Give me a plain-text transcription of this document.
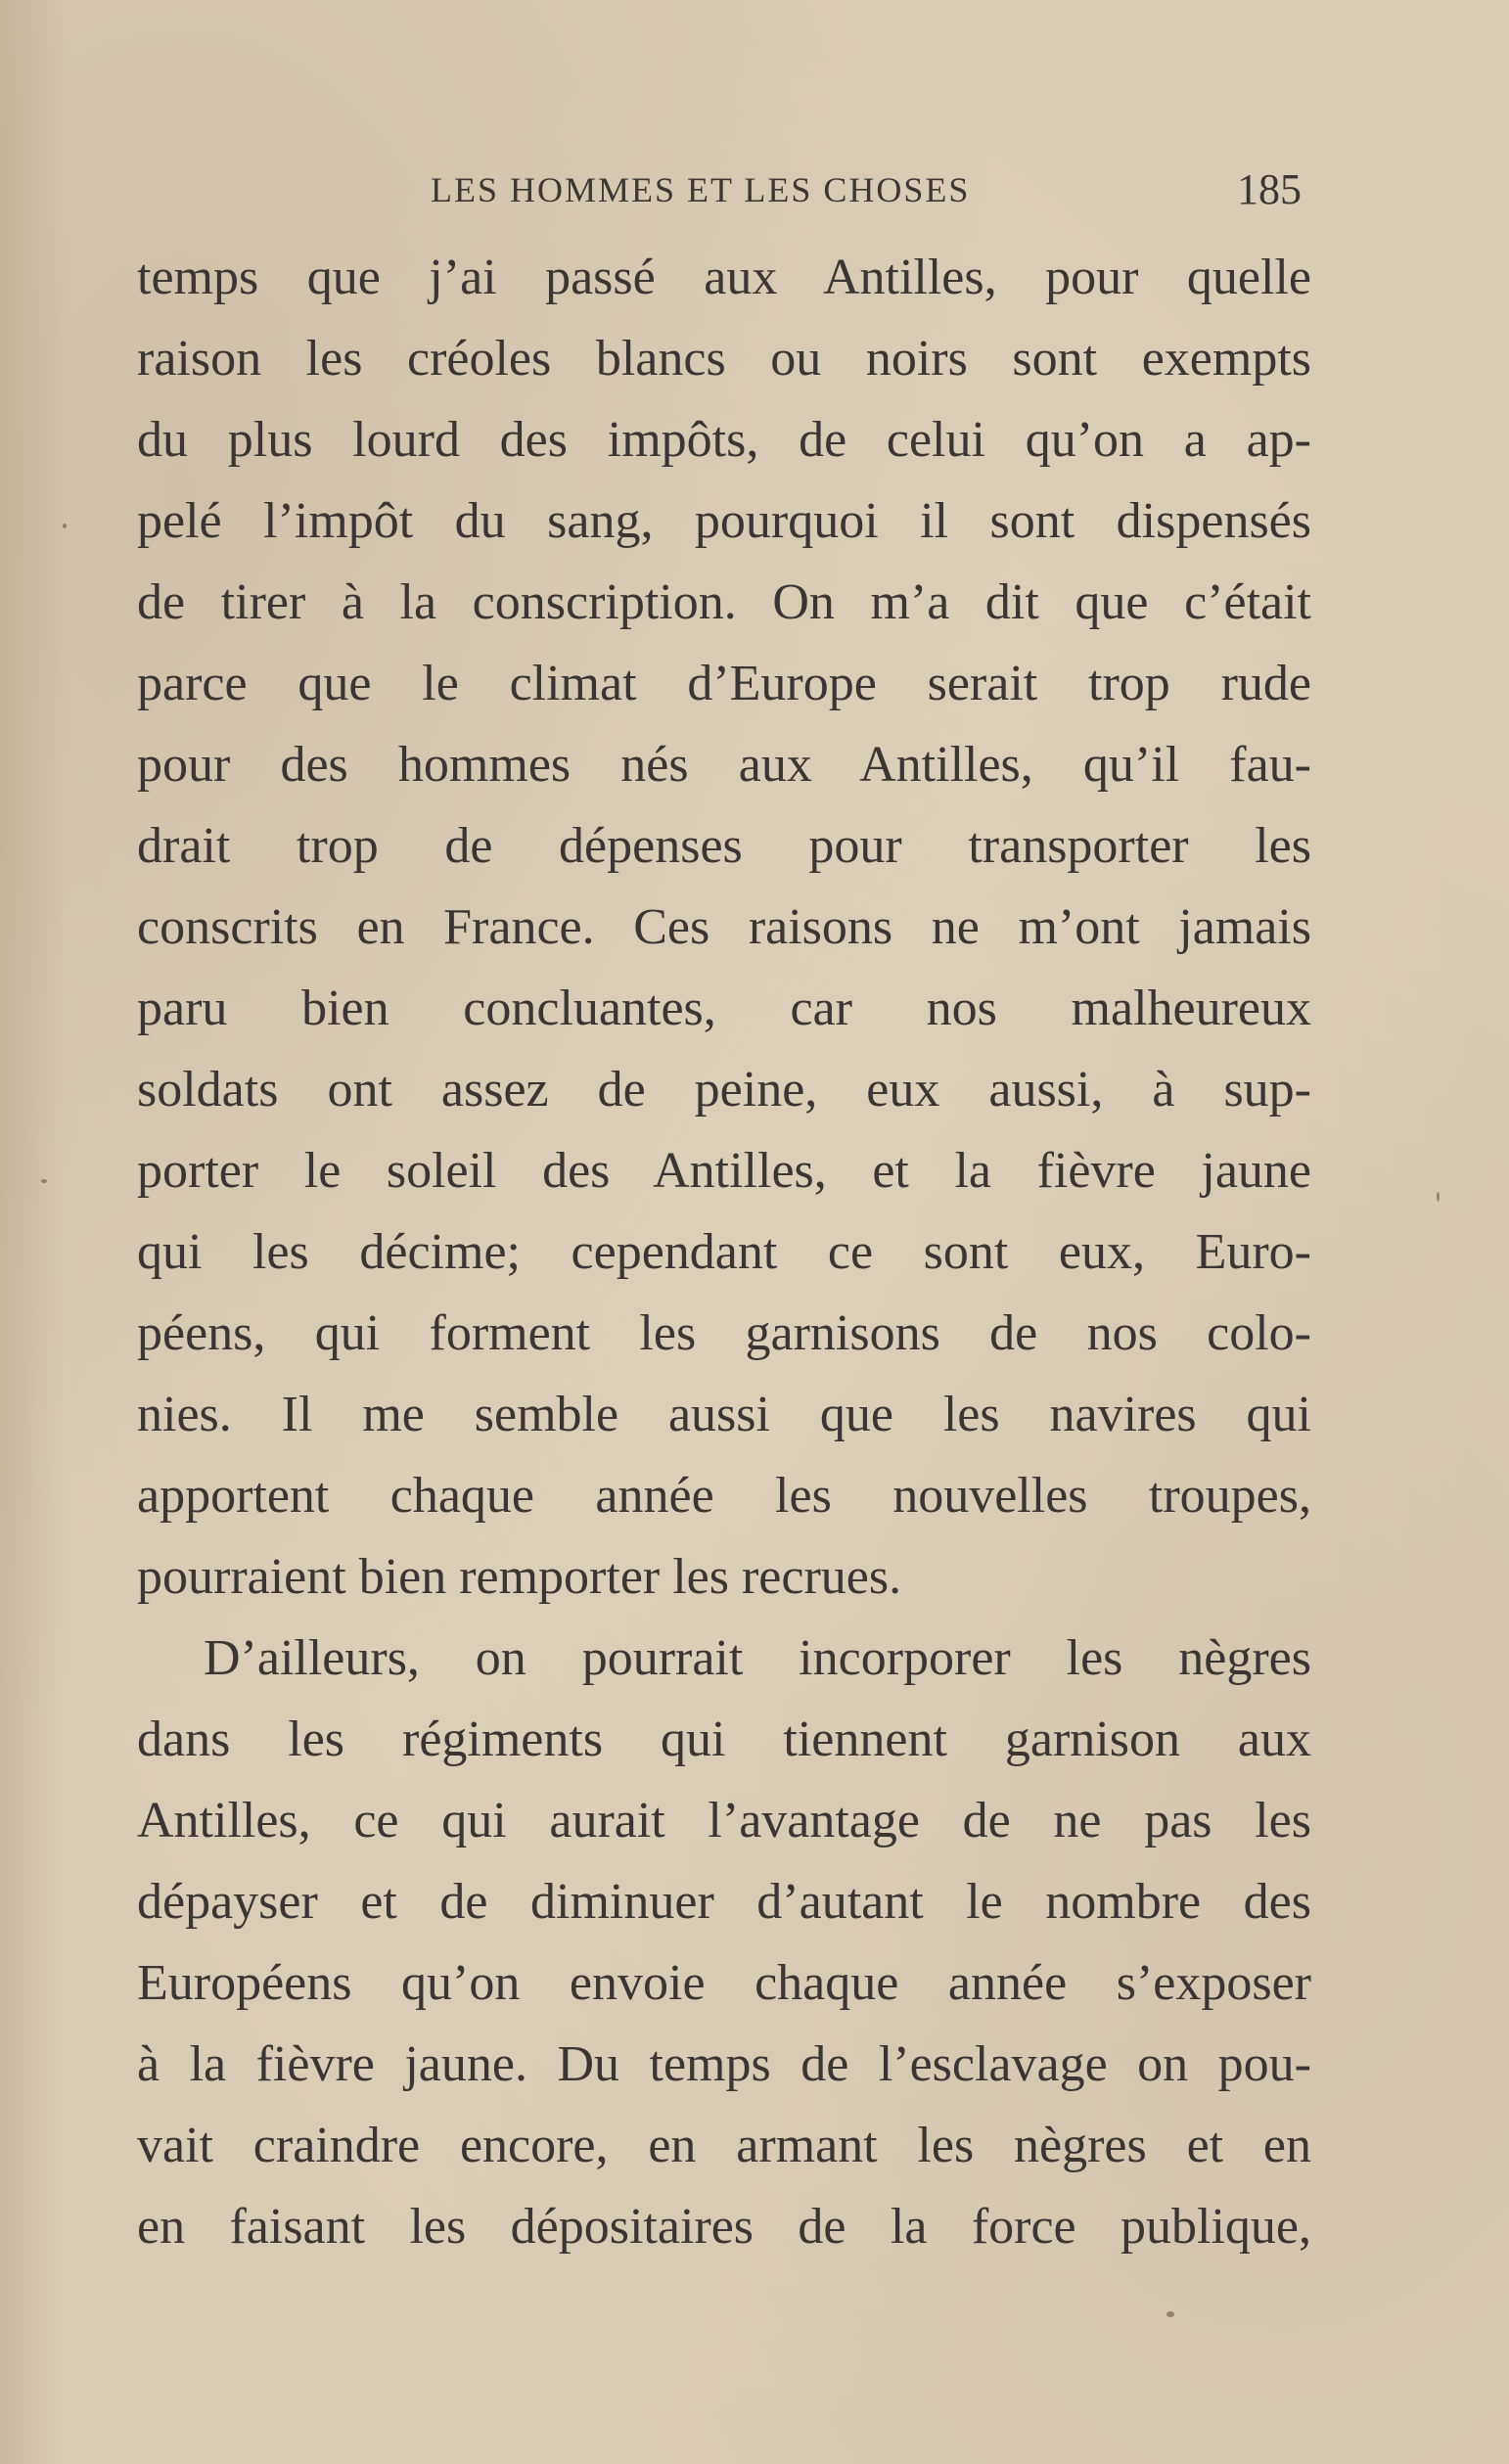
LES HOMMES ET LES CHOSES	185
temps que j’ai passé aux Antilles, pour quelle
raison les créoles blancs ou noirs sont exempts
du plus lourd des impôts, de celui qu’on a ap-
pelé l’impôt du sang, pourquoi il sont dispensés
de tirer à la conscription. On m’a dit que c’était
parce que le climat d’Europe serait trop rude
pour des hommes nés aux Antilles, qu’il fau-
drait trop de dépenses pour transporter les
conscrits en France. Ces raisons ne m’ont jamais
paru bien concluantes, car nos malheureux
soldats ont assez de peine, eux aussi, à sup-
porter le soleil des Antilles, et la fièvre jaune
qui les décime; cependant ce sont eux, Euro-
péens, qui forment les garnisons de nos colo-
nies. Il me semble aussi que les navires qui
apportent chaque année les nouvelles troupes,
pourraient bien remporter les recrues.
D’ailleurs, on pourrait incorporer les nègres
dans les régiments qui tiennent garnison aux
Antilles, ce qui aurait l’avantage de ne pas les
dépayser et de diminuer d’autant le nombre des
Européens qu’on envoie chaque année s’exposer
à la fièvre jaune. Du temps de l’esclavage on pou-
vait craindre encore, en armant les nègres et en
en faisant les dépositaires de la force publique,
